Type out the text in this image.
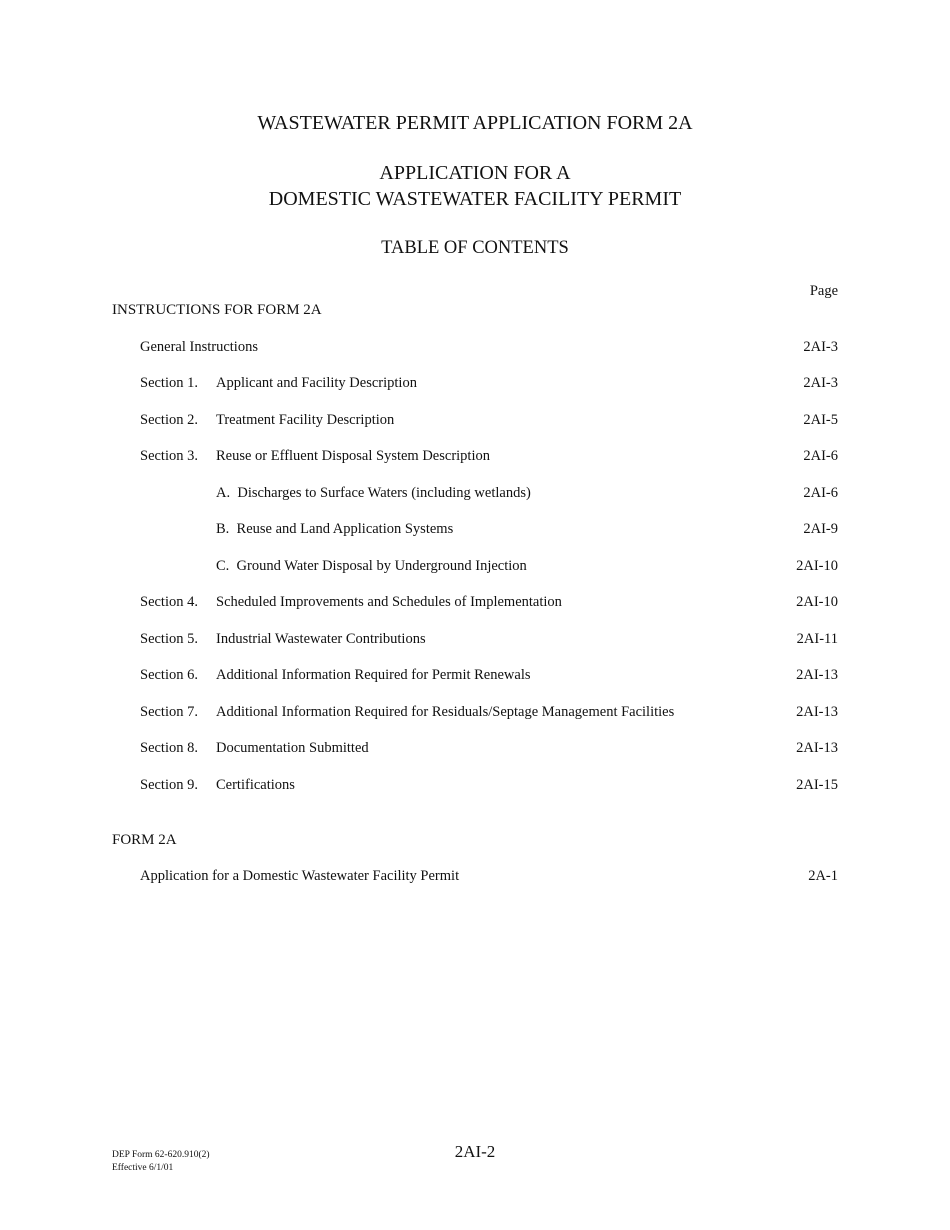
WASTEWATER PERMIT APPLICATION FORM 2A
APPLICATION FOR A
DOMESTIC WASTEWATER FACILITY PERMIT
TABLE OF CONTENTS
Page
INSTRUCTIONS FOR FORM 2A
General Instructions	2AI-3
Section 1. Applicant and Facility Description	2AI-3
Section 2. Treatment Facility Description	2AI-5
Section 3. Reuse or Effluent Disposal System Description	2AI-6
A.  Discharges to Surface Waters (including wetlands)	2AI-6
B.  Reuse and Land Application Systems	2AI-9
C.  Ground Water Disposal by Underground Injection	2AI-10
Section 4. Scheduled Improvements and Schedules of Implementation	2AI-10
Section 5. Industrial Wastewater Contributions	2AI-11
Section 6. Additional Information Required for Permit Renewals	2AI-13
Section 7. Additional Information Required for Residuals/Septage Management Facilities	2AI-13
Section 8. Documentation Submitted	2AI-13
Section 9. Certifications	2AI-15
FORM 2A
Application for a Domestic Wastewater Facility Permit	2A-1
DEP Form 62-620.910(2)
Effective 6/1/01
2AI-2
